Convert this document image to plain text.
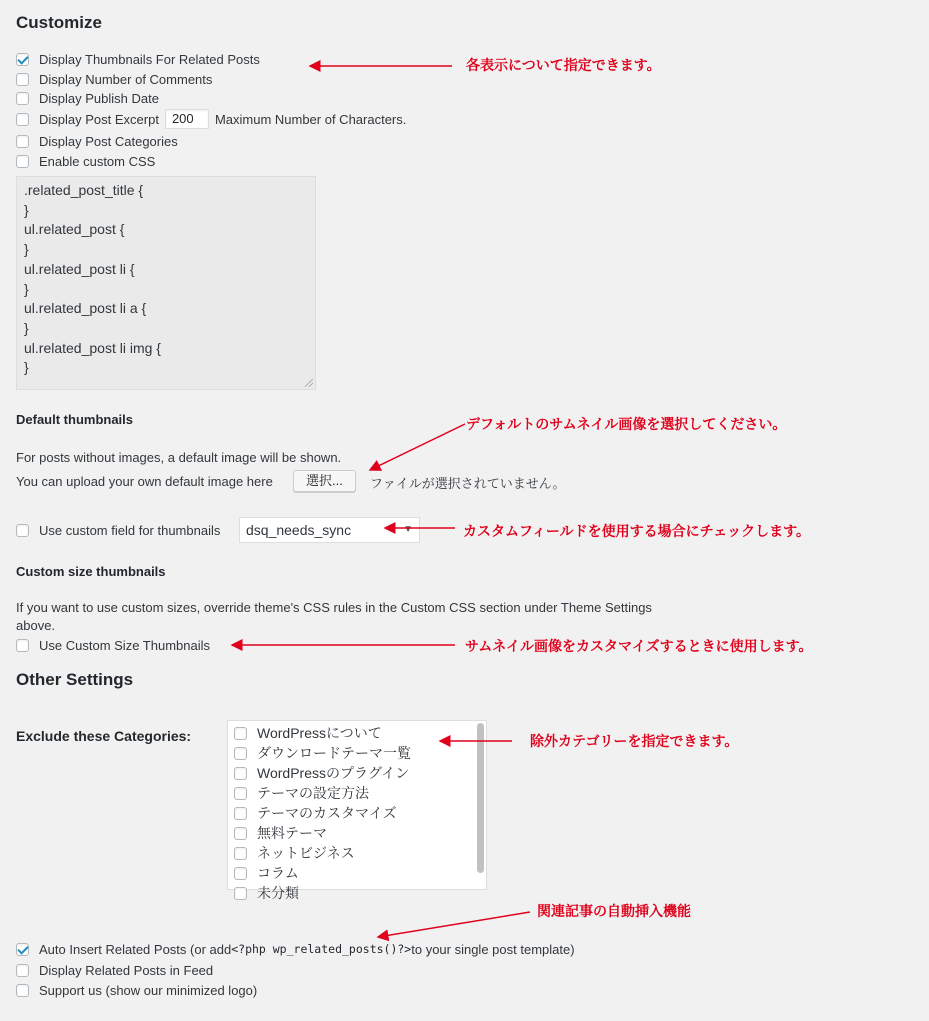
Customize
Display Thumbnails For Related Posts
Display Number of Comments
Display Publish Date
Display Post Excerpt	200	Maximum Number of Characters.
Display Post Categories
Enable custom CSS
.related_post_title {
}
ul.related_post {
}
ul.related_post li {
}
ul.related_post li a {
}
ul.related_post li img {
}
Default thumbnails
For posts without images, a default image will be shown.
You can upload your own default image here	選択...	ファイルが選択されていません。
Use custom field for thumbnails	dsq_needs_sync	▼
Custom size thumbnails
If you want to use custom sizes, override theme's CSS rules in the Custom CSS section under Theme Settings
above.
Use Custom Size Thumbnails
Other Settings
Exclude these Categories:	WordPressについて
ダウンロードテーマ一覧
WordPressのプラグイン
テーマの設定方法
テーマのカスタマイズ
無料テーマ
ネットビジネス
コラム
未分類
Auto Insert Related Posts (or add <?php wp_related_posts()?> to your single post template)
Display Related Posts in Feed
Support us (show our minimized logo)
各表示について指定できます。
デフォルトのサムネイル画像を選択してください。
カスタムフィールドを使用する場合にチェックします。
サムネイル画像をカスタマイズするときに使用します。
除外カテゴリーを指定できます。
関連記事の自動挿入機能
